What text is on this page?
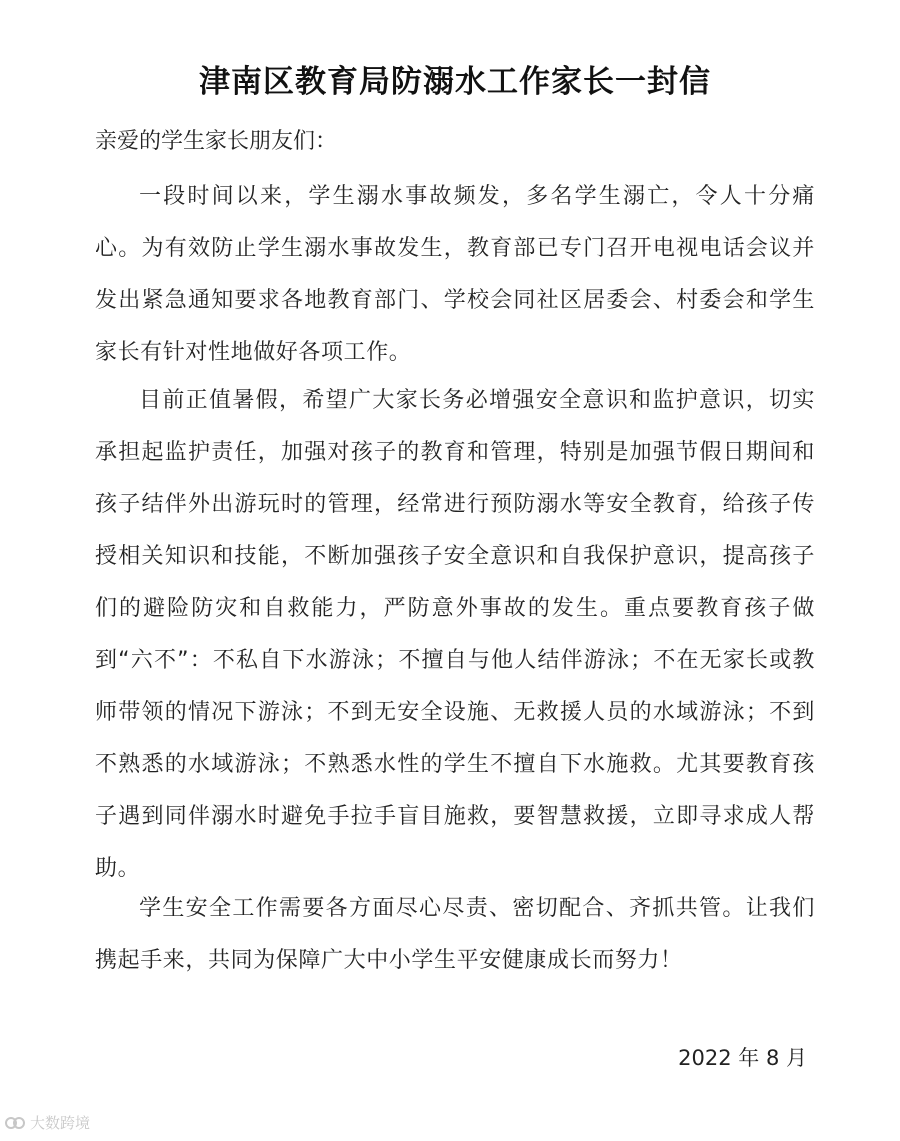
津南区教育局防溺水工作家长一封信
亲爱的学生家长朋友们：
一段时间以来，学生溺水事故频发，多名学生溺亡，令人十分痛心。为有效防止学生溺水事故发生，教育部已专门召开电视电话会议并发出紧急通知要求各地教育部门、学校会同社区居委会、村委会和学生家长有针对性地做好各项工作。
目前正值暑假，希望广大家长务必增强安全意识和监护意识，切实承担起监护责任，加强对孩子的教育和管理，特别是加强节假日期间和孩子结伴外出游玩时的管理，经常进行预防溺水等安全教育，给孩子传授相关知识和技能，不断加强孩子安全意识和自我保护意识，提高孩子们的避险防灾和自救能力，严防意外事故的发生。重点要教育孩子做到“六不”：不私自下水游泳；不擅自与他人结伴游泳；不在无家长或教师带领的情况下游泳；不到无安全设施、无救援人员的水域游泳；不到不熟悉的水域游泳；不熟悉水性的学生不擅自下水施救。尤其要教育孩子遇到同伴溺水时避免手拉手盲目施救，要智慧救援，立即寻求成人帮助。
学生安全工作需要各方面尽心尽责、密切配合、齐抓共管。让我们携起手来，共同为保障广大中小学生平安健康成长而努力！
2022 年 8 月
大数跨境
